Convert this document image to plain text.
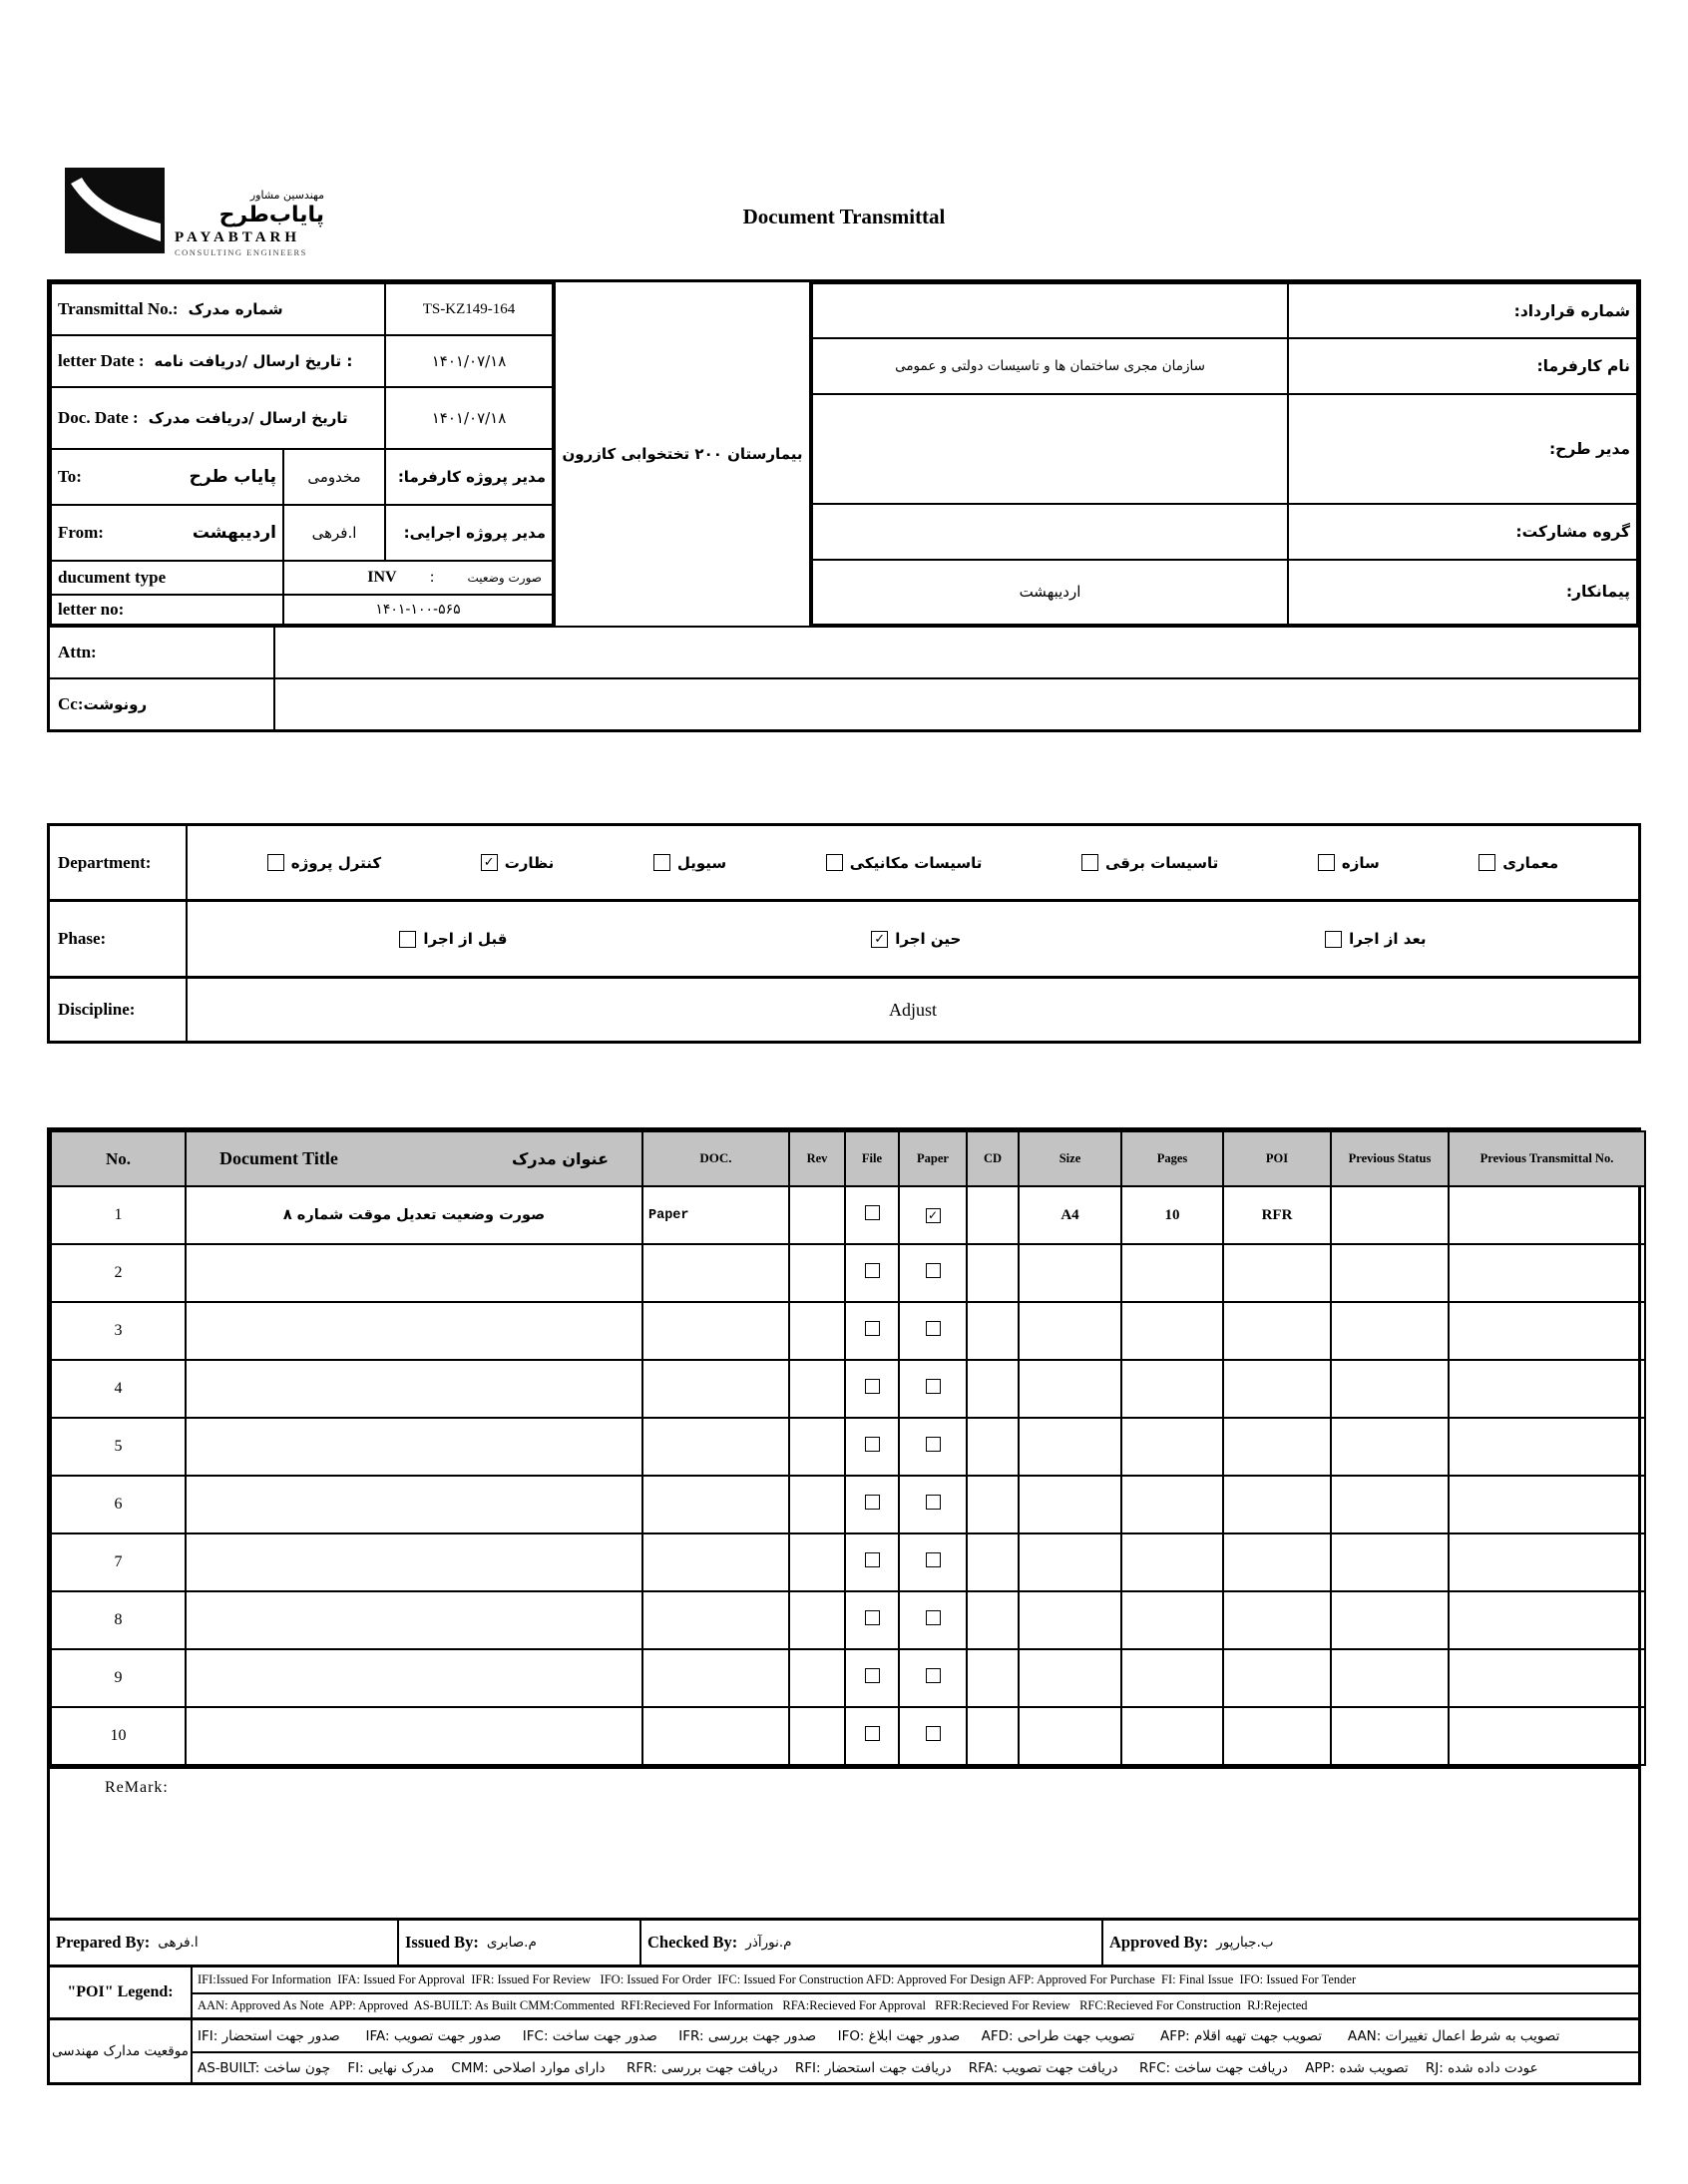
مهندسین مشاور
پایاب‌طرح
PAYABTARH
CONSULTING ENGINEERS
Document Transmittal
Transmittal No.: شماره مدرک		TS-KZ149-164

letter Date : تاریخ ارسال /دریافت نامه :		۱۴۰۱/۰۷/۱۸

Doc. Date : تاریخ ارسال /دریافت مدرک		۱۴۰۱/۰۷/۱۸

To: پایاب طرح	مخدومی	مدیر پروژه کارفرما:

From: اردیبهشت	ا.فرهی	مدیر پروژه اجرایی:
ducument type	INV : صورت وضعیت	

letter no:	۱۴۰۱-۱۰۰-۵۶۵	
بیمارستان ۲۰۰ تختخوابی کازرون
	شماره قرارداد:
سازمان مجری ساختمان ها و تاسیسات دولتی و عمومی	نام کارفرما:
	مدیر طرح:
	گروه مشارکت:
اردیبهشت	پیمانکار:
Attn:
Cc: رونوشت
Department:	کنترل پروژه	✓ نظارت	سیویل	تاسیسات مکانیکی	تاسیسات برقی	سازه	معماری
Phase:	قبل از اجرا	✓ حین اجرا	بعد از اجرا
Discipline:	Adjust
No.	Document Title عنوان مدرک	DOC.	Rev	File	Paper	CD	Size	Pages	POI	Previous Status	Previous Transmittal No.
1	صورت وضعیت تعدیل موقت شماره ۸	Paper			✓		A4	10	RFR		
2											
3											
4											
5											
6											
7											
8											
9											
10											
ReMark:
Prepared By: ا.فرهی	Issued By: م.صابری	Checked By: م.نورآذر	Approved By: ب.جبارپور
"POI" Legend:
IFI:Issued For Information  IFA: Issued For Approval  IFR: Issued For Review   IFO: Issued For Order  IFC: Issued For Construction AFD: Approved For Design AFP: Approved For Purchase  FI: Final Issue  IFO: Issued For Tender
AAN: Approved As Note  APP: Approved  AS-BUILT: As Built CMM:Commented  RFI:Recieved For Information   RFA:Recieved For Approval   RFR:Recieved For Review   RFC:Recieved For Construction  RJ:Rejected
موقعیت مدارک مهندسی
IFI: صدور جهت استحضار      IFA: صدور جهت تصویب     IFC: صدور جهت ساخت     IFR: صدور جهت بررسی     IFO: صدور جهت ابلاغ     AFD: تصویب جهت طراحی      AFP: تصویب جهت تهیه اقلام      AAN: تصویب به شرط اعمال تغییرات
AS-BUILT: چون ساخت    FI: مدرک نهایی    CMM: دارای موارد اصلاحی     RFR: دریافت جهت بررسی    RFI: دریافت جهت استحضار    RFA: دریافت جهت تصویب     RFC: دریافت جهت ساخت    APP: تصویب شده    RJ: عودت داده شده
